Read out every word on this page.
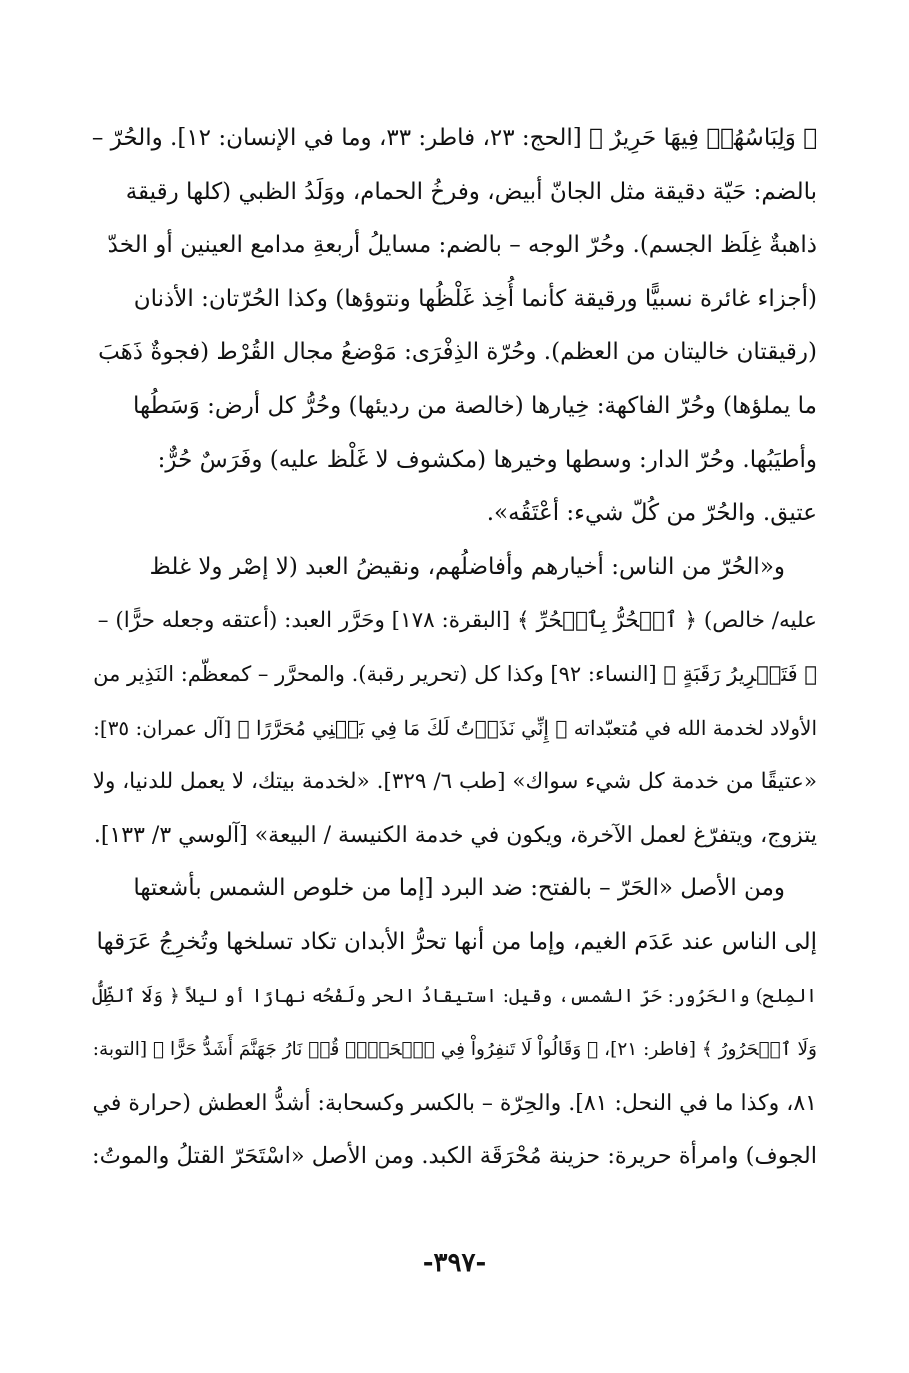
﴿ وَلِبَاسُهُمۡ فِيهَا حَرِيرٌ ﴾ [الحج: ٢٣، فاطر: ٣٣، وما في الإنسان: ١٢]. والحُرّ –
بالضم: حَيّة دقيقة مثل الجانّ أبيض، وفرخُ الحمام، ووَلَدُ الظبي (كلها رقيقة
ذاهبةٌ غِلَظ الجسم). وحُرّ الوجه – بالضم: مسايلُ أربعةِ مدامع العينين أو الخدّ
(أجزاء غائرة نسبيًّا ورقيقة كأنما أُخِذ غَلْظُها ونتوؤها) وكذا الحُرّتان: الأذنان
(رقيقتان خاليتان من العظم). وحُرّة الذِفْرَى: مَوْضعُ مجال القُرْط (فجوةٌ ذَهَبَ
ما يملؤها) وحُرّ الفاكهة: خِيارها (خالصة من رديئها) وحُرُّ كل أرض: وَسَطُها
وأطيَبُها. وحُرّ الدار: وسطها وخيرها (مكشوف لا غَلْظ عليه) وفَرَسٌ حُرٌّ:
عتيق. والحُرّ من كُلّ شيء: أعْتَقُه».
و«الحُرّ من الناس: أخيارهم وأفاضلُهم، ونقيضُ العبد (لا إصْر ولا غلظ
عليه/ خالص) ﴿ ٱلۡحُرُّ بِٱلۡحُرِّ ﴾ [البقرة: ١٧٨] وحَرَّر العبد: (أعتقه وجعله حرًّا) –
﴿ فَتَحۡرِيرُ رَقَبَةٍ ﴾ [النساء: ٩٢] وكذا كل (تحرير رقبة). والمحرَّر – كمعظّم: النَذِير من
الأولاد لخدمة الله في مُتعبّداته ﴿ إِنِّي نَذَرۡتُ لَكَ مَا فِي بَطۡنِي مُحَرَّرًا ﴾ [آل عمران: ٣٥]:
«عتيقًا من خدمة كل شيء سواك» [طب ٦/ ٣٢٩]. «لخدمة بيتك، لا يعمل للدنيا، ولا
يتزوج، ويتفرّغ لعمل الآخرة، ويكون في خدمة الكنيسة / البيعة» [آلوسي ٣/ ١٣٣].
ومن الأصل «الحَرّ – بالفتح: ضد البرد [إما من خلوص الشمس بأشعتها
إلى الناس عند عَدَم الغيم، وإما من أنها تحرُّ الأبدان تكاد تسلخها وتُخرِجُ عَرَقها
المِلح) والحَرُور: حَرّ الشمس، وقيل: استيقادُ الحر ولَفْحُه نهارًا أو ليلاً ﴿ وَلَا ٱلظِّلُّ
وَلَا ٱلۡحَرُورُ ﴾ [فاطر: ٢١]، ﴿ وَقَالُواْ لَا تَنفِرُواْ فِي ٱلۡحَرِّۗ قُلۡ نَارُ جَهَنَّمَ أَشَدُّ حَرًّا ﴾ [التوبة:
٨١، وكذا ما في النحل: ٨١]. والحِرّة – بالكسر وكسحابة: أشدُّ العطش (حرارة في
الجوف) وامرأة حريرة: حزينة مُحْرَقَة الكبد. ومن الأصل «اسْتَحَرّ القتلُ والموتُ:
-٣٩٧-
